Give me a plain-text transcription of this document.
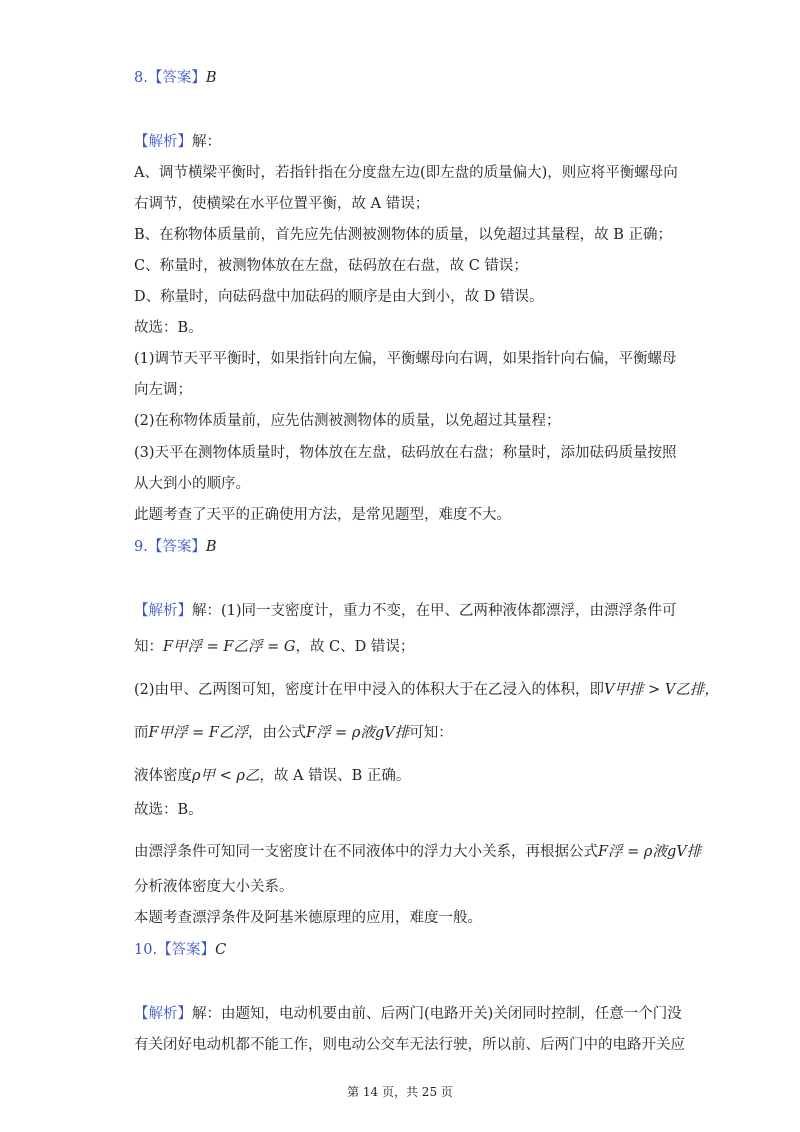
8.【答案】B
【解析】解：
A、调节横梁平衡时，若指针指在分度盘左边(即左盘的质量偏大)，则应将平衡螺母向
右调节，使横梁在水平位置平衡，故 A 错误；
B、在称物体质量前，首先应先估测被测物体的质量，以免超过其量程，故 B 正确；
C、称量时，被测物体放在左盘，砝码放在右盘，故 C 错误；
D、称量时，向砝码盘中加砝码的顺序是由大到小，故 D 错误。
故选：B。
(1)调节天平平衡时，如果指针向左偏，平衡螺母向右调，如果指针向右偏，平衡螺母
向左调；
(2)在称物体质量前，应先估测被测物体的质量，以免超过其量程；
(3)天平在测物体质量时，物体放在左盘，砝码放在右盘；称量时，添加砝码质量按照
从大到小的顺序。
此题考查了天平的正确使用方法，是常见题型，难度不大。
9.【答案】B
【解析】解：(1)同一支密度计，重力不变，在甲、乙两种液体都漂浮，由漂浮条件可
知：F甲浮 = F乙浮 = G，故 C、D 错误；
(2)由甲、乙两图可知，密度计在甲中浸入的体积大于在乙浸入的体积，即V甲排 > V乙排，
而F甲浮 = F乙浮，由公式F浮 = ρ液gV排可知：
液体密度ρ甲 < ρ乙，故 A 错误、B 正确。
故选：B。
由漂浮条件可知同一支密度计在不同液体中的浮力大小关系，再根据公式F浮 = ρ液gV排
分析液体密度大小关系。
本题考查漂浮条件及阿基米德原理的应用，难度一般。
10.【答案】C
【解析】解：由题知，电动机要由前、后两门(电路开关)关闭同时控制，任意一个门没
有关闭好电动机都不能工作，则电动公交车无法行驶，所以前、后两门中的电路开关应
第 14 页，共 25 页
